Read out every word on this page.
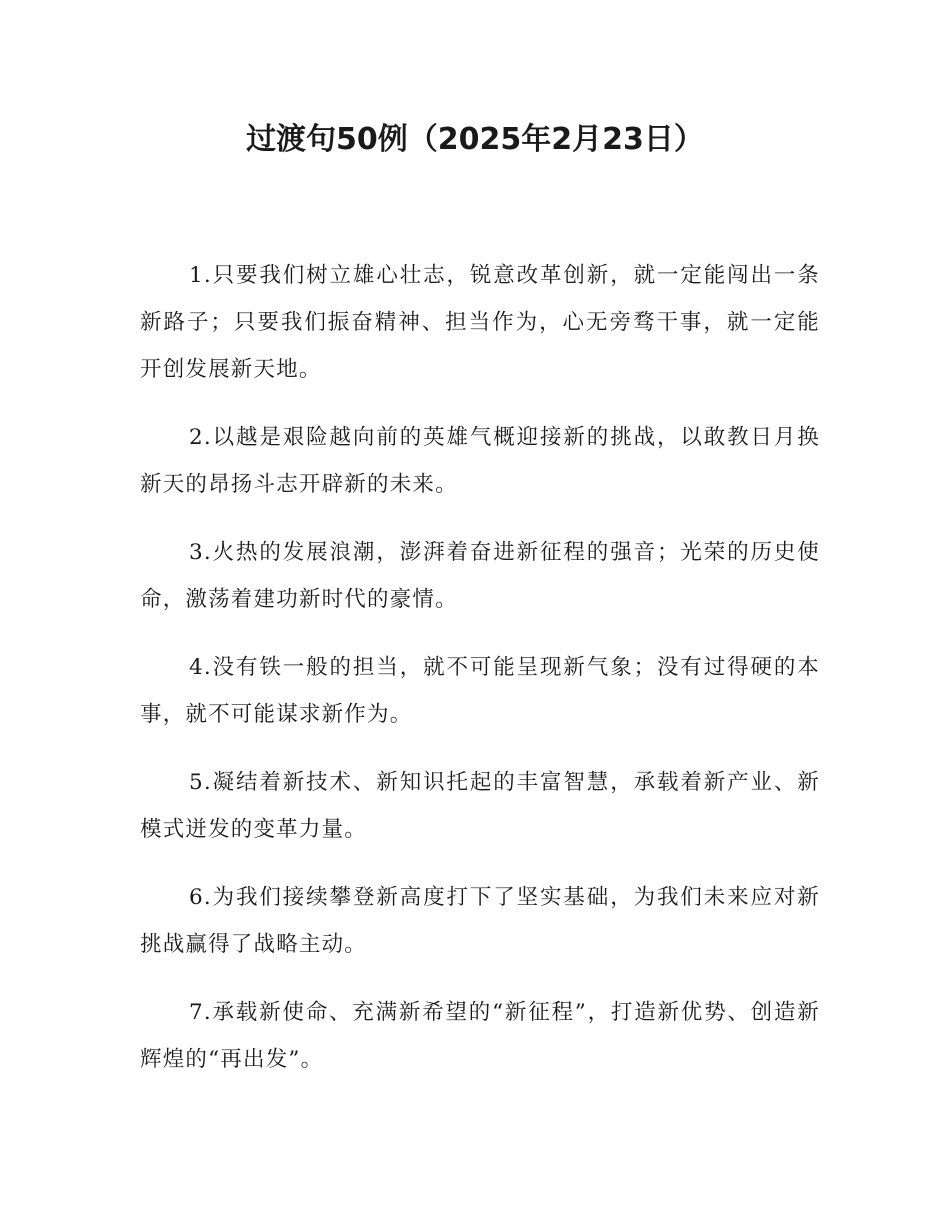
过渡句50例（2025年2月23日）

1.只要我们树立雄心壮志，锐意改革创新，就一定能闯出一条新路子；只要我们振奋精神、担当作为，心无旁骛干事，就一定能开创发展新天地。

2.以越是艰险越向前的英雄气概迎接新的挑战，以敢教日月换新天的昂扬斗志开辟新的未来。

3.火热的发展浪潮，澎湃着奋进新征程的强音；光荣的历史使命，激荡着建功新时代的豪情。

4.没有铁一般的担当，就不可能呈现新气象；没有过得硬的本事，就不可能谋求新作为。

5.凝结着新技术、新知识托起的丰富智慧，承载着新产业、新模式迸发的变革力量。

6.为我们接续攀登新高度打下了坚实基础，为我们未来应对新挑战赢得了战略主动。

7.承载新使命、充满新希望的“新征程”，打造新优势、创造新辉煌的“再出发”。
